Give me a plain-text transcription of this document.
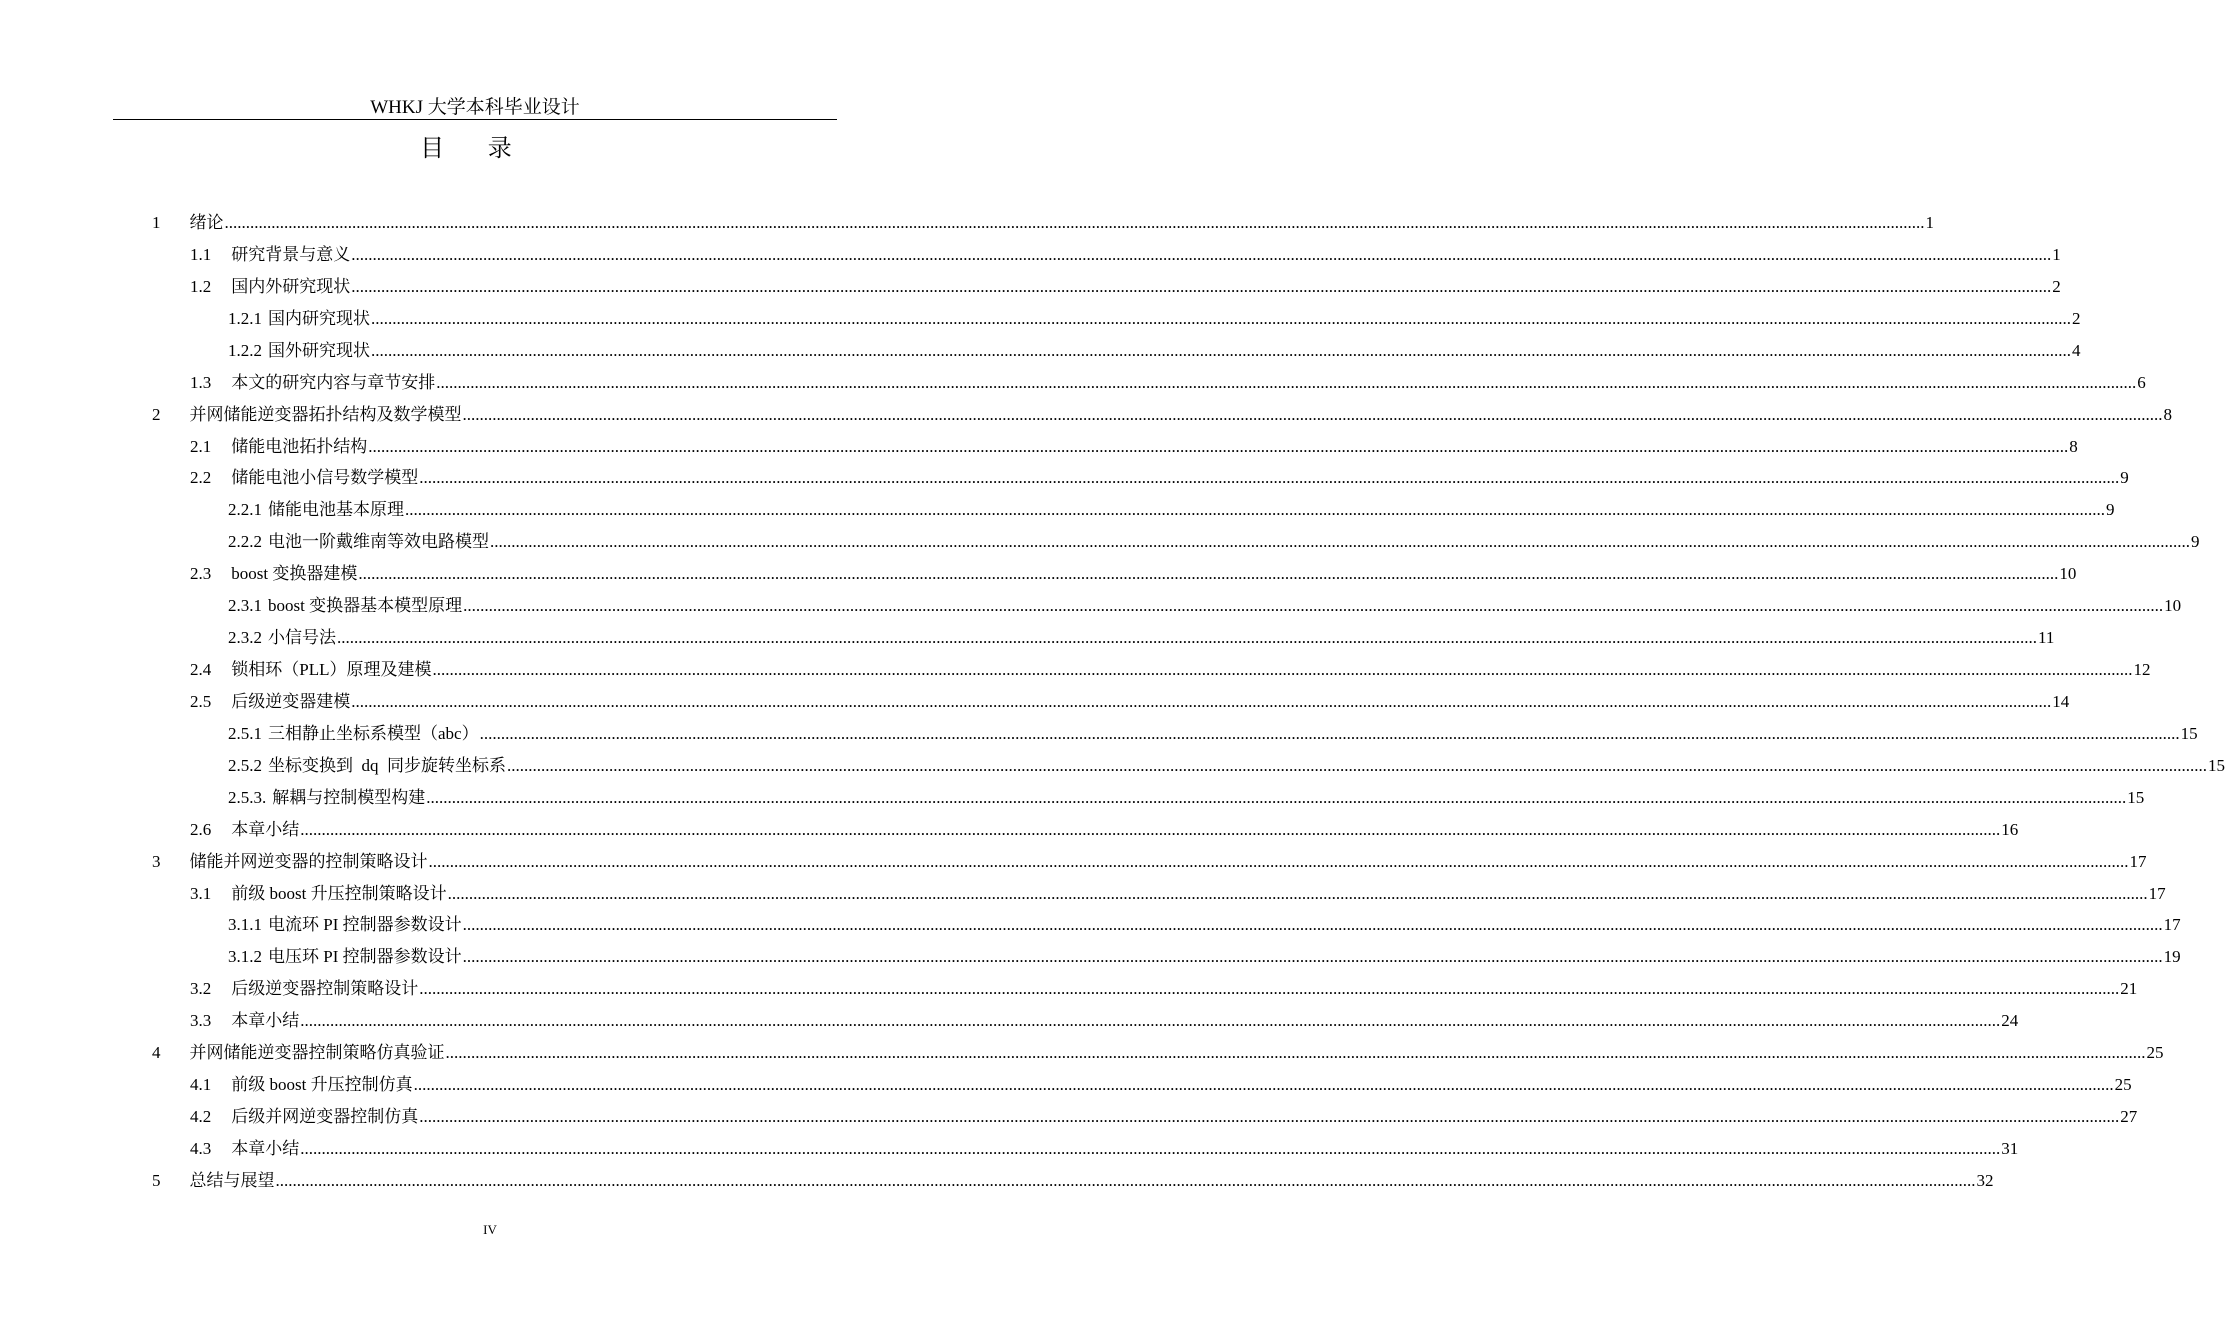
WHKJ 大学本科毕业设计
目 录
1 绪论 ................................................................................................................................................................................................................................................................................................................................................................................................................ 1
1.1 研究背景与意义 ................................................................................................................................................................................................................................................................................................................................................................................................................ 1
1.2 国内外研究现状 ................................................................................................................................................................................................................................................................................................................................................................................................................ 2
1.2.1 国内研究现状 ................................................................................................................................................................................................................................................................................................................................................................................................................ 2
1.2.2 国外研究现状 ................................................................................................................................................................................................................................................................................................................................................................................................................ 4
1.3 本文的研究内容与章节安排 ................................................................................................................................................................................................................................................................................................................................................................................................................ 6
2 并网储能逆变器拓扑结构及数学模型 ................................................................................................................................................................................................................................................................................................................................................................................................................ 8
2.1 储能电池拓扑结构 ................................................................................................................................................................................................................................................................................................................................................................................................................ 8
2.2 储能电池小信号数学模型 ................................................................................................................................................................................................................................................................................................................................................................................................................ 9
2.2.1 储能电池基本原理 ................................................................................................................................................................................................................................................................................................................................................................................................................ 9
2.2.2 电池一阶戴维南等效电路模型 ................................................................................................................................................................................................................................................................................................................................................................................................................ 9
2.3 boost 变换器建模 ................................................................................................................................................................................................................................................................................................................................................................................................................ 10
2.3.1 boost 变换器基本模型原理 ................................................................................................................................................................................................................................................................................................................................................................................................................ 10
2.3.2 小信号法 ................................................................................................................................................................................................................................................................................................................................................................................................................ 11
2.4 锁相环（PLL）原理及建模 ................................................................................................................................................................................................................................................................................................................................................................................................................ 12
2.5 后级逆变器建模 ................................................................................................................................................................................................................................................................................................................................................................................................................ 14
2.5.1 三相静止坐标系模型（abc） ................................................................................................................................................................................................................................................................................................................................................................................................................ 15
2.5.2 坐标变换到  dq  同步旋转坐标系 ................................................................................................................................................................................................................................................................................................................................................................................................................ 15
2.5.3. 解耦与控制模型构建 ................................................................................................................................................................................................................................................................................................................................................................................................................ 15
2.6 本章小结 ................................................................................................................................................................................................................................................................................................................................................................................................................ 16
3 储能并网逆变器的控制策略设计 ................................................................................................................................................................................................................................................................................................................................................................................................................ 17
3.1 前级 boost 升压控制策略设计 ................................................................................................................................................................................................................................................................................................................................................................................................................ 17
3.1.1 电流环 PI 控制器参数设计 ................................................................................................................................................................................................................................................................................................................................................................................................................ 17
3.1.2 电压环 PI 控制器参数设计 ................................................................................................................................................................................................................................................................................................................................................................................................................ 19
3.2 后级逆变器控制策略设计 ................................................................................................................................................................................................................................................................................................................................................................................................................ 21
3.3 本章小结 ................................................................................................................................................................................................................................................................................................................................................................................................................ 24
4 并网储能逆变器控制策略仿真验证 ................................................................................................................................................................................................................................................................................................................................................................................................................ 25
4.1 前级 boost 升压控制仿真 ................................................................................................................................................................................................................................................................................................................................................................................................................ 25
4.2 后级并网逆变器控制仿真 ................................................................................................................................................................................................................................................................................................................................................................................................................ 27
4.3 本章小结 ................................................................................................................................................................................................................................................................................................................................................................................................................ 31
5 总结与展望 ................................................................................................................................................................................................................................................................................................................................................................................................................ 32
IV
